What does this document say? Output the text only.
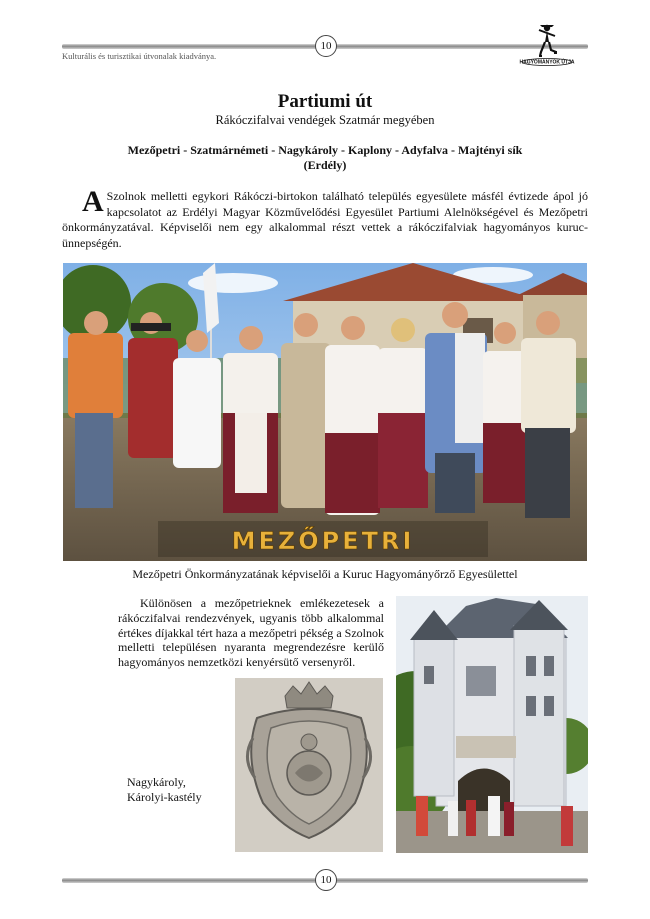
10
Kulturális és turisztikai útvonalak kiadványa.
HAGYOMÁNYOK ÚTJA
Partiumi út
Rákóczifalvai vendégek Szatmár megyében
Mezőpetri - Szatmárnémeti - Nagykároly - Kaplony - Adyfalva - Majtényi sík
(Erdély)
A Szolnok melletti egykori Rákóczi-birtokon található település egyesülete másfél évtizede ápol jó kapcsolatot az Erdélyi Magyar Közművelődési Egyesület Partiumi Alelnökségével és Mezőpetri önkormányzatával. Képviselői nem egy alkalommal részt vettek a rákóczifalviak hagyományos kuruc-ünnepségén.
MEZŐPETRI
Mezőpetri Önkormányzatának képviselői a Kuruc Hagyományőrző Egyesülettel
Különösen a mezőpetrieknek emlékezetesek a rákóczifalvai rendezvények, ugyanis több alkalommal értékes díjakkal tért haza a mezőpetri pékség a Szolnok melletti településen nyaranta megrendezésre kerülő hagyományos nemzetközi kenyérsütő versenyről.
Nagykároly,
Károlyi-kastély
10
